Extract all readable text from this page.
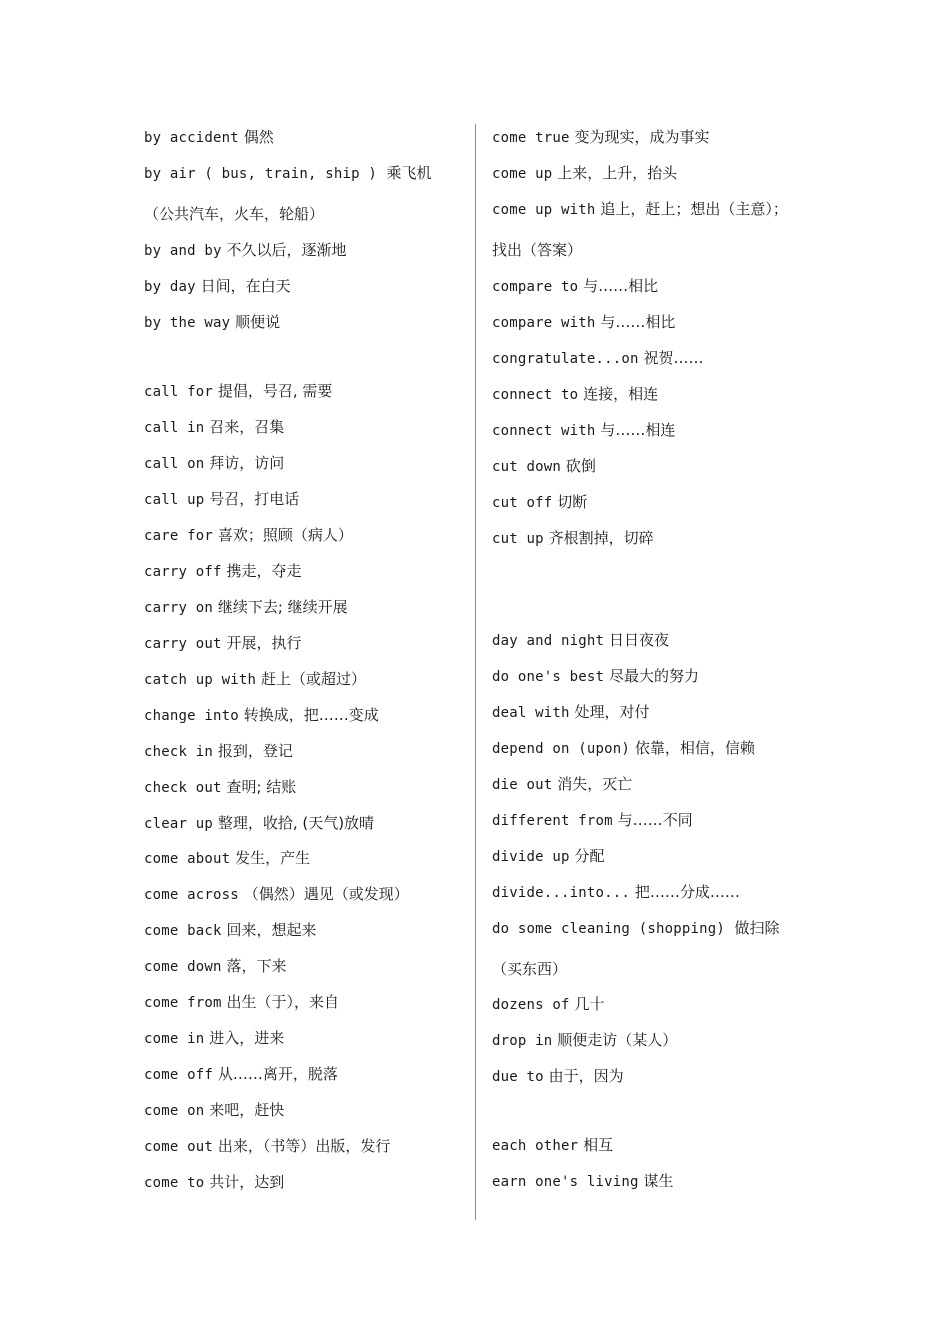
by accident 偶然
by air ( bus, train, ship ) 乘飞机
（公共汽车，火车，轮船）
by and by 不久以后，逐渐地
by day 日间，在白天
by the way 顺便说
call for 提倡，号召, 需要
call in 召来，召集
call on 拜访，访问
call up 号召，打电话
care for 喜欢；照顾（病人）
carry off 携走，夺走
carry on 继续下去; 继续开展
carry out 开展，执行
catch up with 赶上（或超过）
change into 转换成，把……变成
check in 报到，登记
check out 查明; 结账
clear up 整理，收拾, (天气)放晴
come about 发生，产生
come across （偶然）遇见（或发现）
come back 回来，想起来
come down 落，下来
come from 出生（于），来自
come in 进入，进来
come off 从……离开，脱落
come on 来吧，赶快
come out 出来，（书等）出版，发行
come to 共计，达到
come true 变为现实，成为事实
come up 上来，上升，抬头
come up with 追上，赶上；想出（主意）；
找出（答案）
compare to 与……相比
compare with 与……相比
congratulate...on 祝贺……
connect to 连接，相连
connect with 与……相连
cut down 砍倒
cut off 切断
cut up 齐根割掉，切碎
day and night 日日夜夜
do one's best 尽最大的努力
deal with 处理，对付
depend on (upon) 依靠，相信，信赖
die out 消失，灭亡
different from 与……不同
divide up 分配
divide...into... 把……分成……
do some cleaning (shopping) 做扫除
（买东西）
dozens of 几十
drop in 顺便走访（某人）
due to 由于，因为
each other 相互
earn one's living 谋生
